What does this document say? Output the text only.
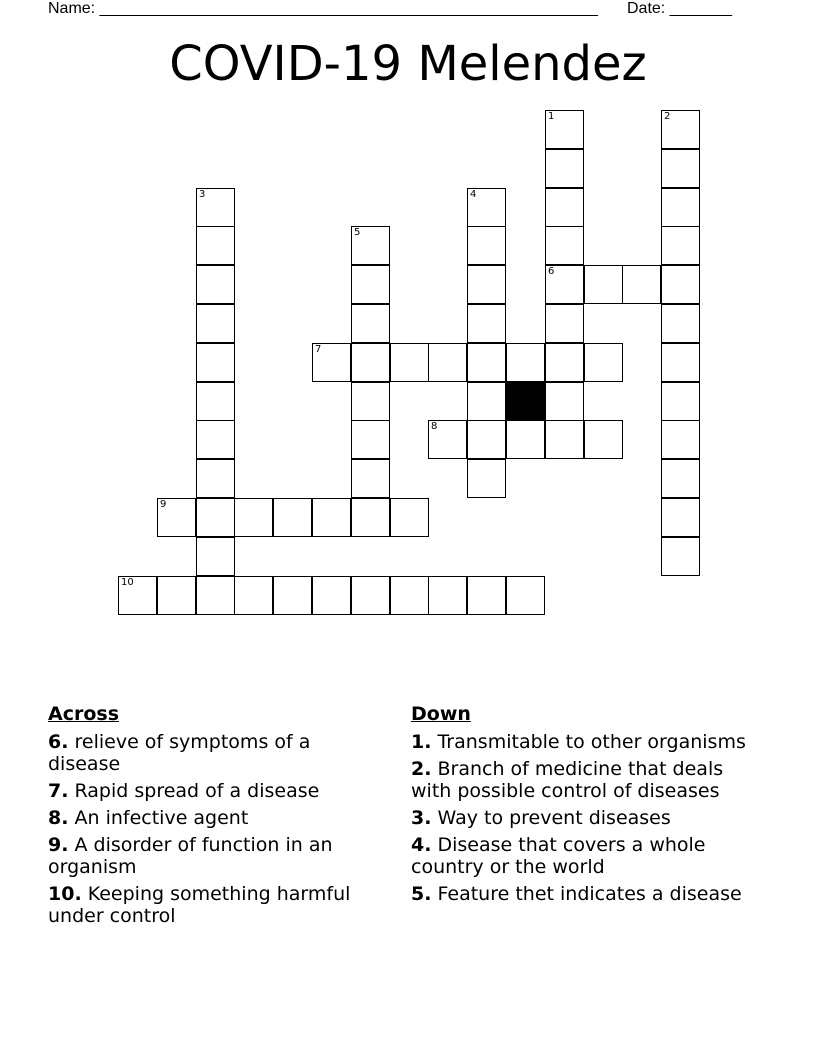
Name: ________________________________________________________ Date: _______
COVID-19 Melendez
1
6
2
3	4
5
7
8
9
10
Across
6. relieve of symptoms of a disease
7. Rapid spread of a disease
8. An infective agent
9. A disorder of function in an organism
10. Keeping something harmful under control
Down
1. Transmitable to other organisms
2. Branch of medicine that deals with possible control of diseases
3. Way to prevent diseases
4. Disease that covers a whole country or the world
5. Feature thet indicates a disease
